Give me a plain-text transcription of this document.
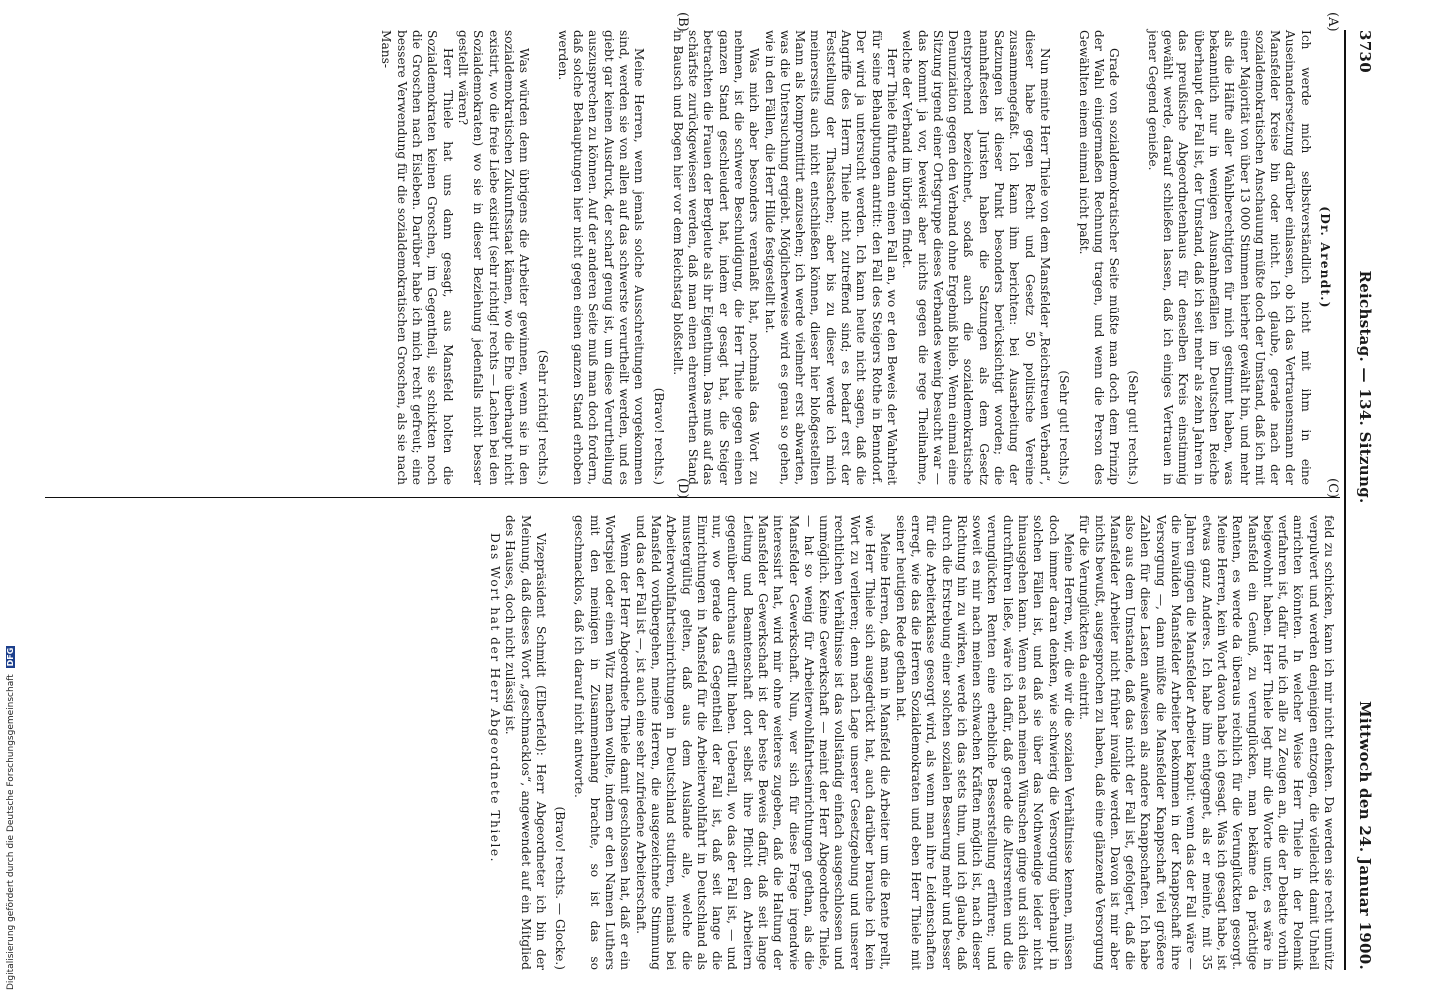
3730
Reichstag. — 134. Sitzung.
Mittwoch den 24. Januar 1900.
(A)
(B)
(C)
(D)

(Dr. Arendt.)

Ich werde mich selbstverständlich nicht mit ihm in eine Auseinandersetzung darüber einlassen, ob ich das Vertrauensmann der Mansfelder Kreise bin oder nicht. Ich glaube, gerade nach der sozialdemokratischen Anschauung müßte doch der Umstand, daß ich mit einer Majorität von über 13 000 Stimmen hierher gewählt bin, und mehr als die Hälfte aller Wahlberechtigten für mich gestimmt haben, was bekanntlich nur in wenigen Ausnahmefällen im Deutschen Reiche überhaupt der Fall ist, der Umstand, daß ich seit mehr als zehn Jahren in das preußische Abgeordnetenhaus für denselben Kreis einstimmig gewählt werde, darauf schließen lassen, daß ich einiges Vertrauen in jener Gegend genieße.

(Sehr gut! rechts.)

Grade von sozialdemokratischer Seite müßte man doch dem Prinzip der Wahl einigermaßen Rechnung tragen, und wenn die Person des Gewählten einem einmal nicht paßt.

(Sehr gut! rechts.)

Nun meinte Herr Thiele von dem Mansfelder „Reichstreuen Verband“, dieser habe gegen Recht und Gesetz 50 politische Vereine zusammengefaßt. Ich kann ihm berichten: bei Ausarbeitung der Satzungen ist dieser Punkt besonders berücksichtigt worden; die namhaftesten Juristen haben die Satzungen als dem Gesetz entsprechend bezeichnet, sodaß auch die sozialdemokratische Denunziation gegen den Verband ohne Ergebniß blieb. Wenn einmal eine Sitzung irgend einer Ortsgruppe dieses Verbandes wenig besucht war — das kommt ja vor, beweist aber nichts gegen die rege Theilnahme, welche der Verband im übrigen findet.

Herr Thiele führte dann einen Fall an, wo er den Beweis der Wahrheit für seine Behauptungen antritt: den Fall des Steigers Rothe in Benndorf. Der wird ja untersucht werden. Ich kann heute nicht sagen, daß die Angriffe des Herrn Thiele nicht zutreffend sind; es bedarf erst der Feststellung der Thatsachen; aber bis zu dieser werde ich mich meinerseits auch nicht entschließen können, dieser hier bloßgestellten Mann als kompromittirt anzusehen; ich werde vielmehr erst abwarten, was die Untersuchung ergiebt. Möglicherweise wird es genau so gehen, wie in den Fällen, die Herr Hilde festgestellt hat.

Was mich aber besonders veranlaßt hat, nochmals das Wort zu nehmen, ist die schwere Beschuldigung, die Herr Thiele gegen einen ganzen Stand geschleudert hat, indem er gesagt hat, die Steiger betrachten die Frauen der Bergleute als ihr Eigenthum. Das muß auf das schärfste zurückgewiesen werden, daß man einen ehrenwerthen Stand in Bausch und Bogen hier vor dem Reichstag bloßstellt.

(Bravo! rechts.)

Meine Herren, wenn jemals solche Ausschreitungen vorgekommen sind, werden sie von allen auf das schwerste verurtheilt werden, und es giebt gar keinen Ausdruck, der scharf genug ist, um diese Verurtheilung auszusprechen zu können. Auf der anderen Seite muß man doch fordern, daß solche Behauptungen hier nicht gegen einen ganzen Stand erhoben werden.

(Sehr richtig! rechts.)

Was würden denn übrigens die Arbeiter gewinnen, wenn sie in den sozialdemokratischen Zukunftsstaat kämen, wo die Ehe überhaupt nicht existirt, wo die freie Liebe existirt (sehr richtig! rechts — Lachen bei den Sozialdemokraten) wo sie in dieser Beziehung jedenfalls nicht besser gestellt wären?

Herr Thiele hat uns dann gesagt, aus Mansfeld holten die Sozialdemokraten keinen Groschen, im Gegentheil, sie schickten noch die Groschen nach Eisleben. Darüber habe ich mich recht gefreut; eine bessere Verwendung für die sozialdemokratischen Groschen, als sie nach Mans-

feld zu schicken, kann ich mir nicht denken. Da werden sie recht unnütz verpulvert und werden denjenigen entzogen, die vielleicht damit Unheil anrichten könnten. In welcher Weise Herr Thiele in der Polemik verfahren ist, dafür rufe ich alle zu Zeugen an, die der Debatte vorhin beigewohnt haben. Herr Thiele legt mir die Worte unter, es wäre in Mansfeld ein Genuß, zu verunglücken, man bekäme da prächtige Renten, es werde da überaus reichlich für die Verunglückten gesorgt. Meine Herren, kein Wort davon habe ich gesagt. Was ich gesagt habe, ist etwas ganz Anderes. Ich habe ihm entgegnet, als er meinte, mit 35 Jahren gingen die Mansfelder Arbeiter kaput: wenn das der Fall wäre — die invaliden Mansfelder Arbeiter bekommen in der Knappschaft ihre Versorgung —, dann müßte die Mansfelder Knappschaft viel größere Zahlen für diese Lasten aufweisen als andere Knappschaften. Ich habe also aus dem Umstande, daß das nicht der Fall ist, gefolgert, daß die Mansfelder Arbeiter nicht früher invalide werden. Davon ist mir aber nichts bewußt, ausgesprochen zu haben, daß eine glänzende Versorgung für die Verunglückten da eintritt.

Meine Herren, wir, die wir die sozialen Verhältnisse kennen, müssen doch immer daran denken, wie schwierig die Versorgung überhaupt in solchen Fällen ist, und daß sie über das Nothwendige leider nicht hinausgehen kann. Wenn es nach meinen Wünschen ginge und sich dies durchführen ließe, wäre ich dafür, daß gerade die Altersrenten und die verunglückten Renten eine erhebliche Besserstellung erführen; und soweit es mir nach meinen schwachen Kräften möglich ist, nach dieser Richtung hin zu wirken, werde ich das stets thun, und ich glaube, daß durch die Erstrebung einer solchen sozialen Besserung mehr und besser für die Arbeiterklasse gesorgt wird, als wenn man ihre Leidenschaften erregt, wie das die Herren Sozialdemokraten und eben Herr Thiele mit seiner heutigen Rede gethan hat.

Meine Herren, daß man in Mansfeld die Arbeiter um die Rente prellt, wie Herr Thiele sich ausgedrückt hat, auch darüber brauche ich kein Wort zu verlieren; denn nach Lage unserer Gesetzgebung und unserer rechtlichen Verhältnisse ist das vollständig einfach ausgeschlossen und unmöglich. Keine Gewerkschaft — meint der Herr Abgeordnete Thiele, — hat so wenig für Arbeiterwohlfahrtseinrichtungen gethan, als die Mansfelder Gewerkschaft. Nun, wer sich für diese Frage irgendwie interessirt hat, wird mir ohne weiteres zugeben, daß die Haltung der Mansfelder Gewerkschaft ist der beste Beweis dafür, daß seit lange Leitung und Beamtenschaft dort selbst ihre Pflicht den Arbeitern gegenüber durchaus erfüllt haben. Ueberall, wo das der Fall ist, — und nur, wo gerade das Gegentheil der Fall ist, daß seit lange die Einrichtungen in Mansfeld für die Arbeiterwohlfahrt in Deutschland als mustergültig gelten, daß aus dem Auslande alle, welche die Arbeiterwohlfahrtseinrichtungen in Deutschland studiren, niemals bei Mansfeld vorübergehen, meine Herren, die ausgezeichnete Stimmung und das der Fall ist —, ist auch eine sehr zufriedene Arbeiterschaft.

Wenn der Herr Abgeordnete Thiele damit geschlossen hat, daß er ein Wortspiel oder einen Witz machen wollte, indem er den Namen Luthers mit den meinigen in Zusammenhang brachte, so ist das so geschmacklos, daß ich darauf nicht antworte.

(Bravo! rechts. — Glocke.)

Vizepräsident Schmidt (Elberfeld): Herr Abgeordneter ich bin der Meinung, daß dieses Wort „geschmacklos“, angewendet auf ein Mitglied des Hauses, doch nicht zulässig ist.

Das Wort hat der Herr Abgeordnete Thiele.

Digitalisierung gefördert durch die Deutsche Forschungsgemeinschaft DFG
